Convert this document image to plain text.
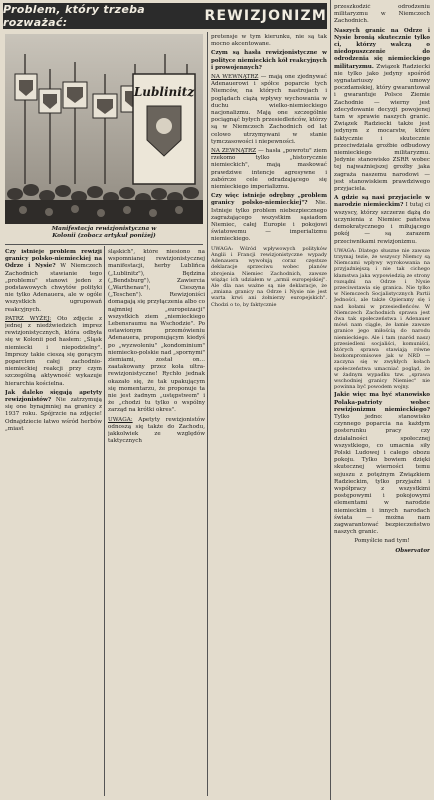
Problem, który trzeba rozważać:	REWIZJONIZM
Lublinitz
Manifestacja rewizjonistyczna w
Kolonii (zobacz artykuł poniżej)

Czy istnieje problem rewizji granicy polsko-niemieckiej na Odrze i Nysie? W Niemczech Zachodnich stawianie tego „problemu" stanowi jeden z podstawowych chwytów polityki nie tylko Adenauera, ale w ogóle wszystkich ugrupowań reakcyjnych.

PATRZ WYŻEJ: Oto zdjęcie z jednej z niedźwiedzich imprez rewizjonistycznych, która odbyła się w Kolonii pod hasłem: „Śląsk niemiecki i niepodzielny". Imprezy takie cieszą się gorącym poparciem całej zachodnio-niemieckiej reakcji przy czym szczególną aktywność wykazuje hierarchia kościelna.

Jak daleko sięgają apetyty rewizjonistów? Nie zatrzymują się one bynajmniej na granicy z 1937 roku. Spójrzcie na zdjęcie! Odnajdziecie łatwo wśród herbów „miast

śląskich", które niesiono na wspomnianej rewizjonistycznej manifestacji, herby Lublińca („Lublinitz"), Będzina („Bendsburg"), Zawiercia („Warthenau"), Cieszyna („Teschen"). Rewizjoniści domagają się przyłączenia albo co najmniej „europeizacji" wszystkich ziem „niemieckiego Lebensraumu na Wschodzie". Po ostawionym przemówieniu Adenauera, proponującym kiedyś po „wyzwoleniu" „kondominium" niemiecko-polskie nad „spornymi" ziemiami, został on... zaatakowany przez koła ultra-rewizjonistyczne! Rychło jednak okazało się, że tak upakującym się momentarzu, że proponuje ta nie jest żadnym „ustępstwem" i że „chodzi tu tylko o wspólny zarząd na krótki okres".

UWAGA: Apetyty rewizjonistów odnoszą się także do Zachodu, jakkolwiek ze względów taktycznych

pretensje w tym kierunku, nie są tak mocno akcentowane.

Czym są hasła rewizjonistyczne w polityce niemieckich kół reakcyjnych i prowojennych?

NA WEWNĄTRZ — mają one zjednywać Adenauerowi i spółce poparcie tych Niemców, na których nastrojach i poglądach ciążą wpływy wychowania w duchu wielko-niemieckiego nacjonalizmu. Mają one szczególnie pociągnąć byłych przesiedleńców, którzy są w Niemczech Zachodnich od lat celowo utrzymywani w stanie tymczasowości i niepewności.

NA ZEWNĄTRZ — hasła „powrotu" ziem rzekomo tylko „historycznie niemieckich", mają maskować prawdziwe intencje agresywne i zabórcze cele odradzającego się niemieckiego imperializmu.

Czy więc istnieje odrębny „problem granicy polsko-niemieckiej"? Nie. Istnieje tylko problem niebezpiecznego zagrażającego wszystkim sąsiadom Niemiec, całej Europie i pokojowi światowemu — imperializmu niemieckiego.

UWAGA: Wśród wpływowych polityków Anglii i Francji rewizjonistyczne wypady Adenauera wywołują coraz częstsze deklaracje sprzeciwu wobec planów zbrojenia Niemiec Zachodnich, zawsze wiążąc ich udziałem w „armii europejskiej". Ale dla nas ważne są nie deklaracje, że „zmiana granicy na Odrze i Nysie nie jest warta krwi ani żołnierzy europejskich". Chodzi o to, by faktycznie

przeszkodzić odrodzeniu militaryzmu w Niemczech Zachodnich.

Naszych granic na Odrze i Nysie bronią skutecznie tylko ci, którzy walczą o niedopuszczenie do odrodzenia się niemieckiego militaryzmu. Związek Radziecki nie tylko jako jedyny spośród sygnatariuszy umowy poczdamskiej, który gwarantował i gwarantuje Polsce Ziemie Zachodnie — wierny jest zdecydowanie decyzji powojenej tam w sprawie naszych granic. Związek Radziecki także jest jedynym z mocarstw, które faktycznie i skutecznie przeciwdziała groźbie odbudowy niemieckiego militaryzmu. Jedynie stanowisko ZSRR wobec tej najważniejszej groźby jaka zagraża naszemu narodowi — jest stanowiskiem prawdziwego przyjaciela.

A gdzie są nasi przyjaciele w narodzie niemieckim? I tutaj ci wszyscy, którzy szczerze dążą do uczynienia z Niemiec państwa demokratycznego i miłującego pokój — są zarazem przeciwnikami rewizjonizmu.

UWAGA: Dlatego słuszne nie zawsze trzymaj tezie, że wszyscy Niemcy są Niemcami wpływy wyrokowania na przyjaźniejszą i nie tak cichego kłamstwa jaka wypowiedzią ze strony rozsądni na Odrze i Nysie przeciwstawia się granica. Nie tylko w Niemczech Socjalistycznych Partii Jedności, ale także Opieramy się i nad kołami w przesiedleńców. W Niemczech Zachodnich sprawa jest dwa tak społeczeństwa i Adenauer mówi nam ciągle, że łamie zawsze granice jego miłością do narodu niemieckiego. Ale i tam (naród nasz) przesiedleni socjaliści, komuniści, których sprawa stawiają równe bezkompromisowe jak w NRD — zaczyna się w zwykłych kołach społeczeństwa umacniać pogląd, że w żadnym wypadku tzw. „sprawa wschodniej granicy Niemiec" nie powinna być powodem wojny.

Jakie więc ma być stanowisko Polaka-patrioty wobec rewizjonizmu niemieckiego? Tylko jedno: stanowisko czynnego poparcia na każdym posterunku pracy czy działalności społecznej wszystkiego, co umacnia siły Polski Ludowej i całego obozu pokoju. Tylko bowiem dzięki skutecznej wierności temu sojuszu z potężnym Związkiem Radzieckim, tylko przyjaźni i współpracy z wszystkimi postępowymi i pokojowymi elementami w narodzie niemieckim i innych narodach świata — można nam zagwarantować bezpieczeństwo naszych granic.

Pomyślcie nad tym!

Observator
